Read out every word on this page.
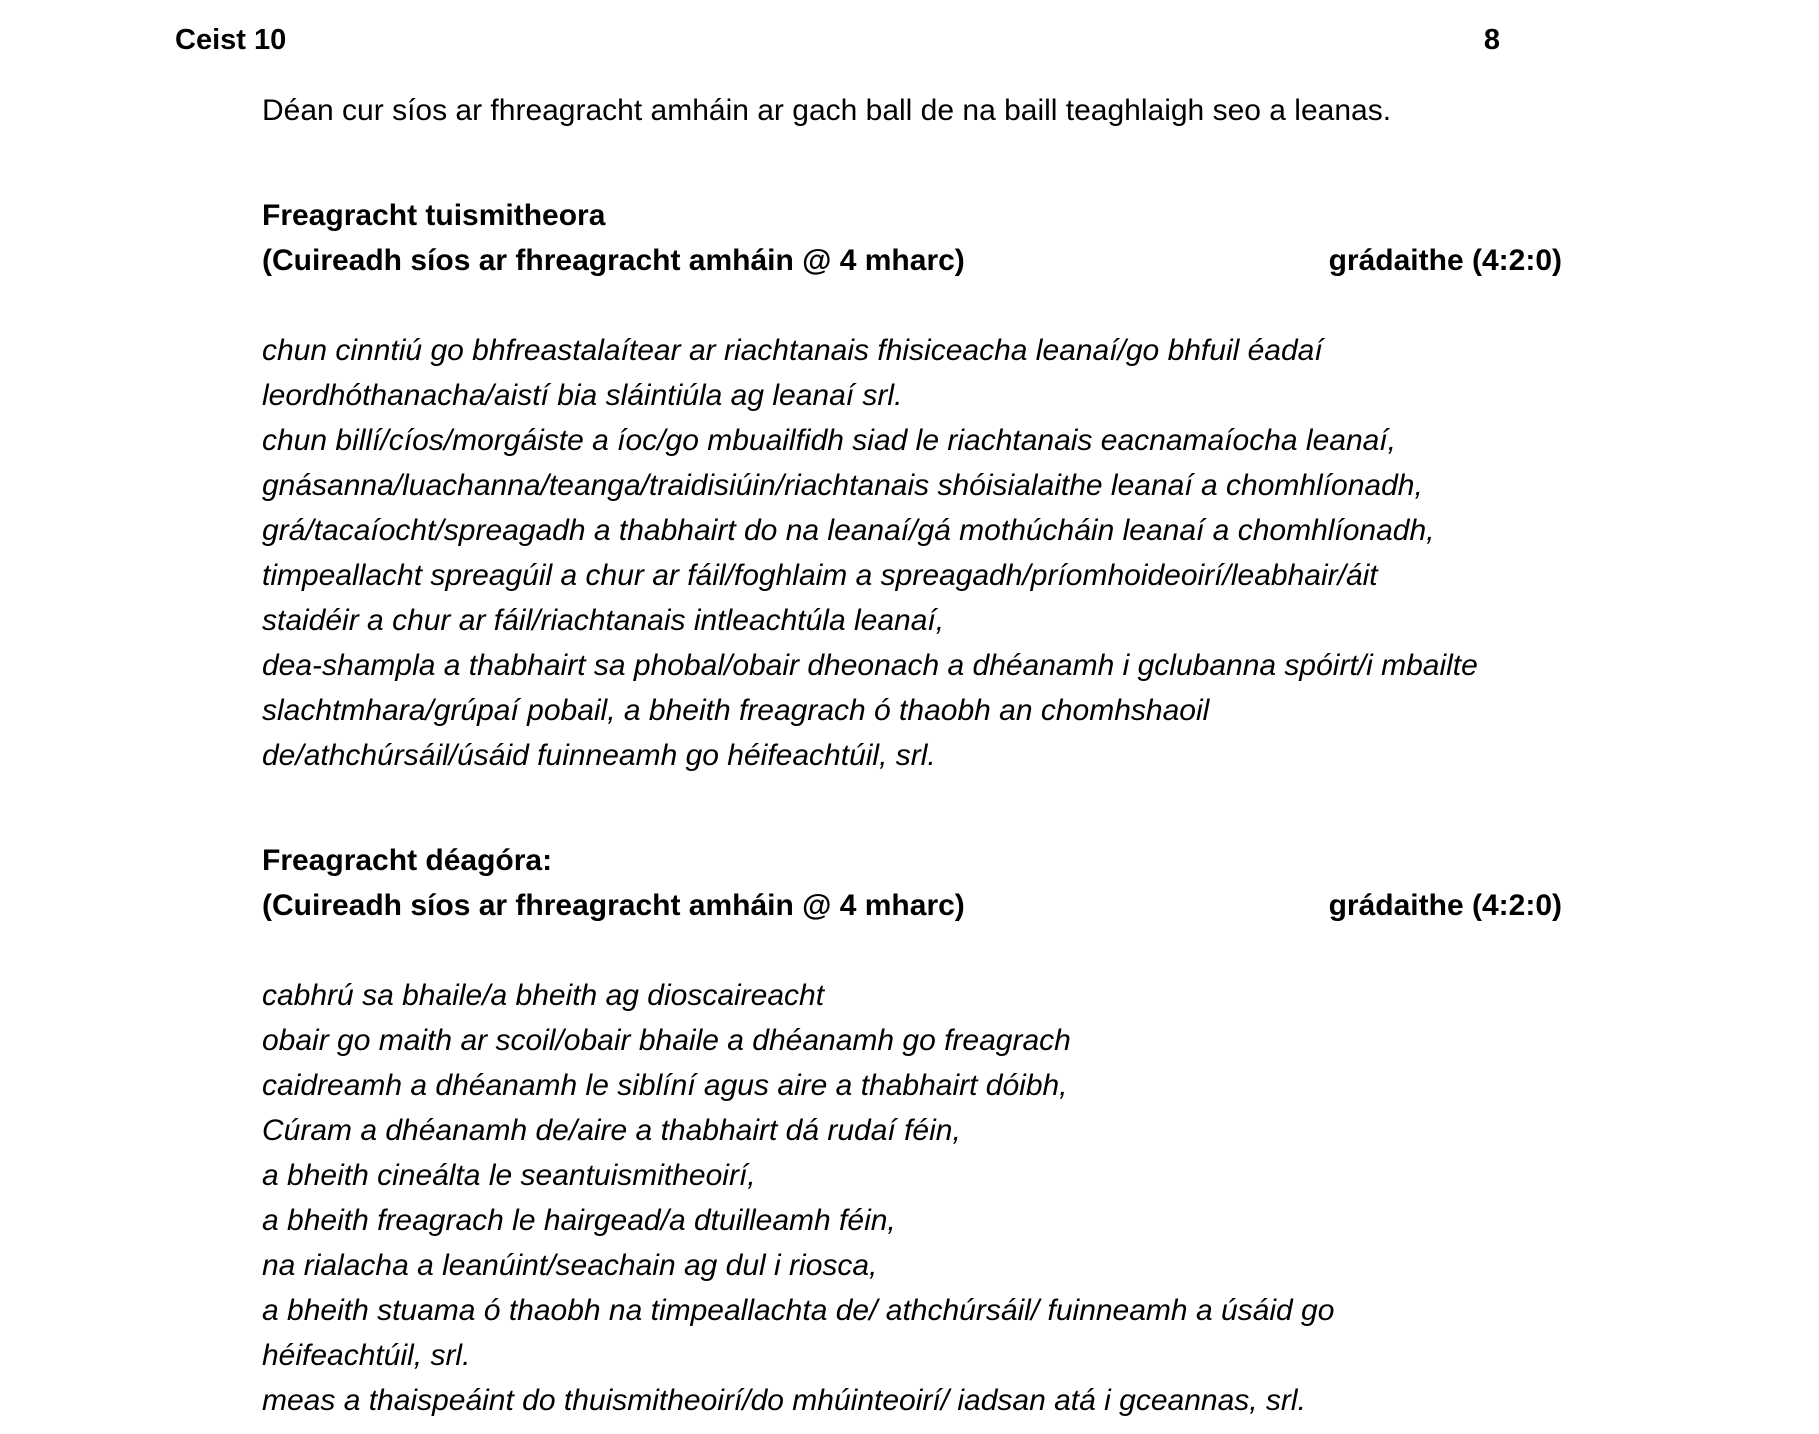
Ceist 10	8

Déan cur síos ar fhreagracht amháin ar gach ball de na baill teaghlaigh seo a leanas.

Freagracht tuismitheora

(Cuireadh síos ar fhreagracht amháin @ 4 mharc)	grádaithe (4:2:0)
chun cinntiú go bhfreastalaítear ar riachtanais fhisiceacha leanaí/go bhfuil éadaí
leordhóthanacha/aistí bia sláintiúla ag leanaí srl.
chun billí/cíos/morgáiste a íoc/go mbuailfidh siad le riachtanais eacnamaíocha leanaí,
gnásanna/luachanna/teanga/traidisiúin/riachtanais shóisialaithe leanaí a chomhlíonadh,
grá/tacaíocht/spreagadh a thabhairt do na leanaí/gá mothúcháin leanaí a chomhlíonadh,
timpeallacht spreagúil a chur ar fáil/foghlaim a spreagadh/príomhoideoirí/leabhair/áit
staidéir a chur ar fáil/riachtanais intleachtúla leanaí,
dea-shampla a thabhairt sa phobal/obair dheonach a dhéanamh i gclubanna spóirt/i mbailte
slachtmhara/grúpaí pobail, a bheith freagrach ó thaobh an chomhshaoil
de/athchúrsáil/úsáid fuinneamh go héifeachtúil, srl.

Freagracht déagóra:

(Cuireadh síos ar fhreagracht amháin @ 4 mharc)	grádaithe (4:2:0)
cabhrú sa bhaile/a bheith ag dioscaireacht
obair go maith ar scoil/obair bhaile a dhéanamh go freagrach
caidreamh a dhéanamh le siblíní agus aire a thabhairt dóibh,
Cúram a dhéanamh de/aire a thabhairt dá rudaí féin,
a bheith cineálta le seantuismitheoirí,
a bheith freagrach le hairgead/a dtuilleamh féin,
na rialacha a leanúint/seachain ag dul i riosca,
a bheith stuama ó thaobh na timpeallachta de/ athchúrsáil/ fuinneamh a úsáid go
héifeachtúil, srl.
meas a thaispeáint do thuismitheoirí/do mhúinteoirí/ iadsan atá i gceannas, srl.
